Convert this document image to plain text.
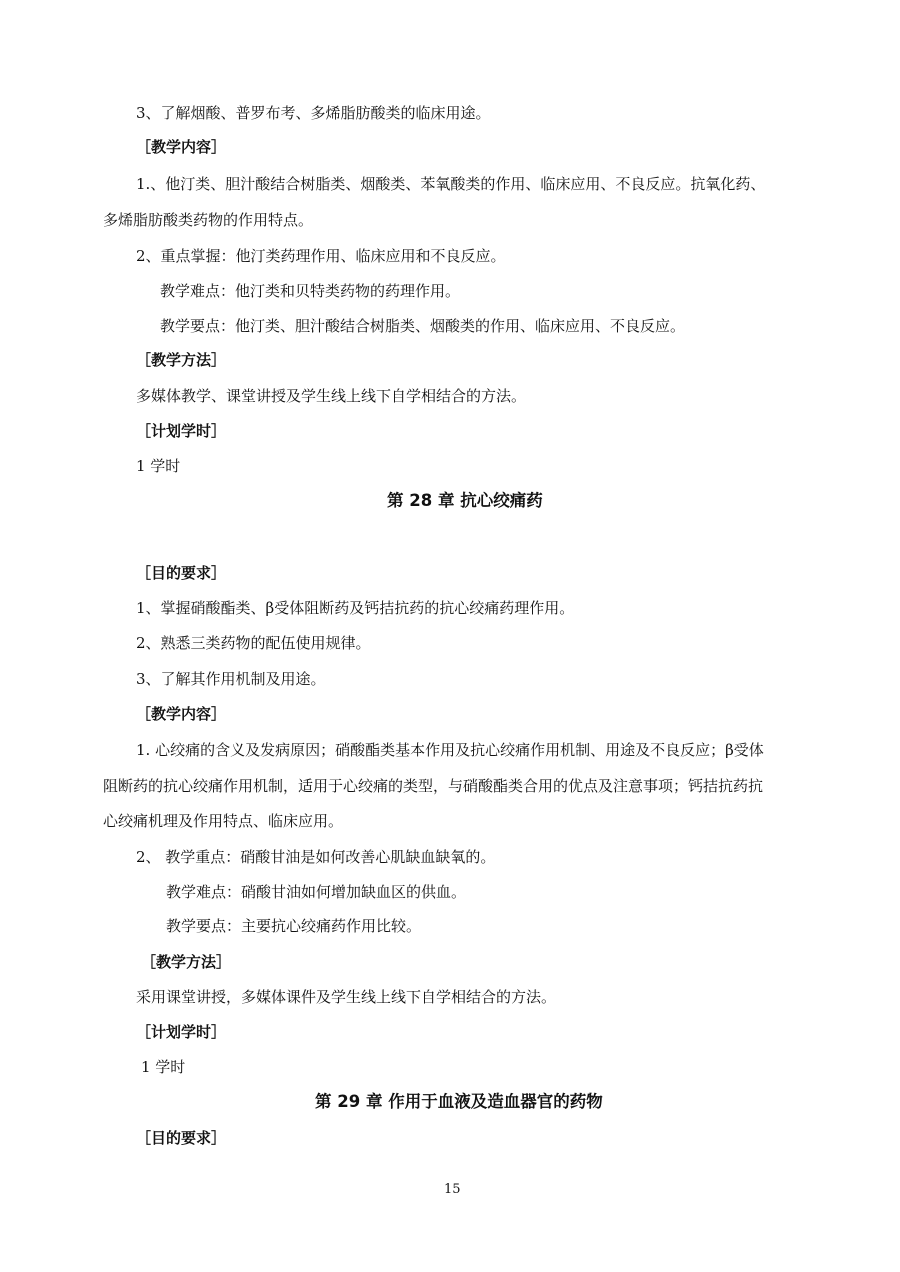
3、了解烟酸、普罗布考、多烯脂肪酸类的临床用途。
［教学内容］
1.、他汀类、胆汁酸结合树脂类、烟酸类、苯氧酸类的作用、临床应用、不良反应。抗氧化药、
多烯脂肪酸类药物的作用特点。
2、重点掌握：他汀类药理作用、临床应用和不良反应。
教学难点：他汀类和贝特类药物的药理作用。
教学要点：他汀类、胆汁酸结合树脂类、烟酸类的作用、临床应用、不良反应。
［教学方法］
多媒体教学、课堂讲授及学生线上线下自学相结合的方法。
［计划学时］
1 学时
第 28 章 抗心绞痛药
［目的要求］
1、掌握硝酸酯类、β受体阻断药及钙拮抗药的抗心绞痛药理作用。
2、熟悉三类药物的配伍使用规律。
3、了解其作用机制及用途。
［教学内容］
1. 心绞痛的含义及发病原因；硝酸酯类基本作用及抗心绞痛作用机制、用途及不良反应；β受体
阻断药的抗心绞痛作用机制，适用于心绞痛的类型，与硝酸酯类合用的优点及注意事项；钙拮抗药抗
心绞痛机理及作用特点、临床应用。
2、 教学重点：硝酸甘油是如何改善心肌缺血缺氧的。
教学难点：硝酸甘油如何增加缺血区的供血。
教学要点：主要抗心绞痛药作用比较。
［教学方法］
采用课堂讲授，多媒体课件及学生线上线下自学相结合的方法。
［计划学时］
1 学时
第 29 章 作用于血液及造血器官的药物
［目的要求］
15
